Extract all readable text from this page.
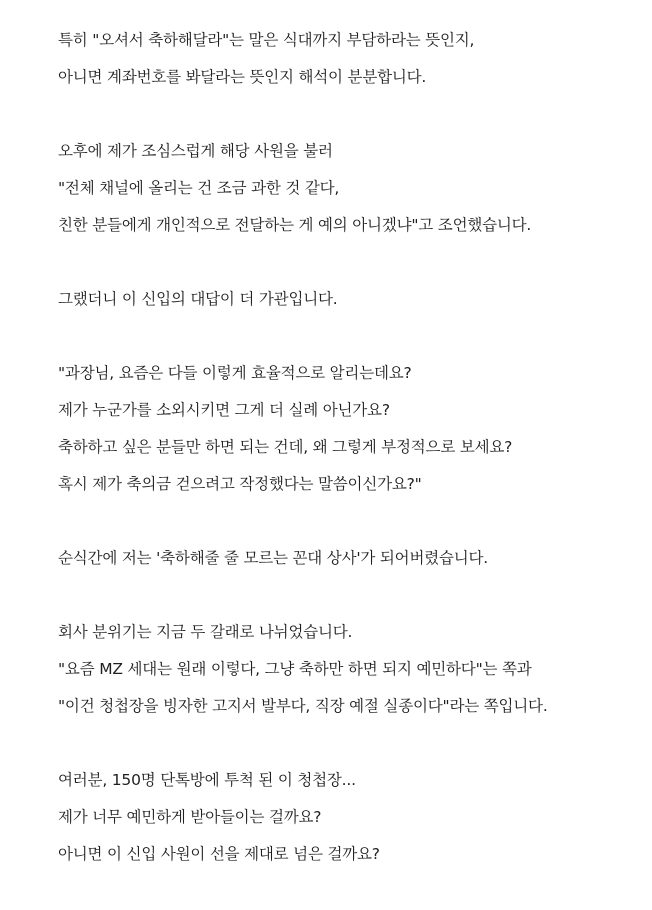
특히 "오셔서 축하해달라"는 말은 식대까지 부담하라는 뜻인지,
아니면 계좌번호를 봐달라는 뜻인지 해석이 분분합니다.

오후에 제가 조심스럽게 해당 사원을 불러
"전체 채널에 올리는 건 조금 과한 것 같다,
친한 분들에게 개인적으로 전달하는 게 예의 아니겠냐"고 조언했습니다.

그랬더니 이 신입의 대답이 더 가관입니다.

"과장님, 요즘은 다들 이렇게 효율적으로 알리는데요?
제가 누군가를 소외시키면 그게 더 실례 아닌가요?
축하하고 싶은 분들만 하면 되는 건데, 왜 그렇게 부정적으로 보세요?
혹시 제가 축의금 걷으려고 작정했다는 말씀이신가요?"

순식간에 저는 '축하해줄 줄 모르는 꼰대 상사'가 되어버렸습니다.

회사 분위기는 지금 두 갈래로 나뉘었습니다.
"요즘 MZ 세대는 원래 이렇다, 그냥 축하만 하면 되지 예민하다"는 쪽과
"이건 청첩장을 빙자한 고지서 발부다, 직장 예절 실종이다"라는 쪽입니다.

여러분, 150명 단톡방에 투척 된 이 청첩장...
제가 너무 예민하게 받아들이는 걸까요?
아니면 이 신입 사원이 선을 제대로 넘은 걸까요?
